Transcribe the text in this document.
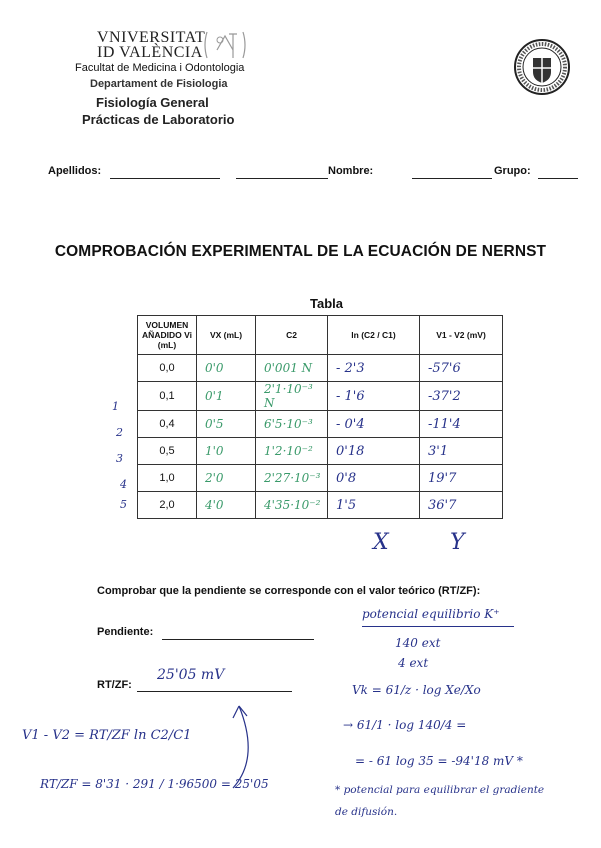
VNIVERSITAT
ID VALÈNCIA
Facultat de Medicina i Odontologia
Departament de Fisiologia
Fisiología General
Prácticas de Laboratorio
Apellidos:	Nombre:	Grupo:
COMPROBACIÓN EXPERIMENTAL DE LA ECUACIÓN DE NERNST
Tabla
VOLUMEN AÑADIDO Vi (mL)	VX (mL)	C2	ln (C2 / C1)	V1 - V2 (mV)
0,0	0'0	0'001 N	- 2'3	-57'6

0,1	0'1	2'1·10⁻³ N	- 1'6	-37'2

0,4	0'5	6'5·10⁻³	- 0'4	-11'4

0,5	1'0	1'2·10⁻²	0'18	3'1

1,0	2'0	2'27·10⁻³	0'8	19'7

2,0	4'0	4'35·10⁻²	1'5	36'7
1
2
3
4
5
X	Y
Comprobar que la pendiente se corresponde con el valor teórico (RT/ZF):
Pendiente:
RT/ZF:
25'05 mV
potencial equilibrio K⁺
140 ext
4 ext
Vk = 61/z · log Xe/Xo
→ 61/1 · log 140/4 =
= - 61 log 35 = -94'18 mV *
* potencial para equilibrar el gradiente
de difusión.
V1 - V2 = RT/ZF ln C2/C1
RT/ZF = 8'31 · 291 / 1·96500 = 25'05
